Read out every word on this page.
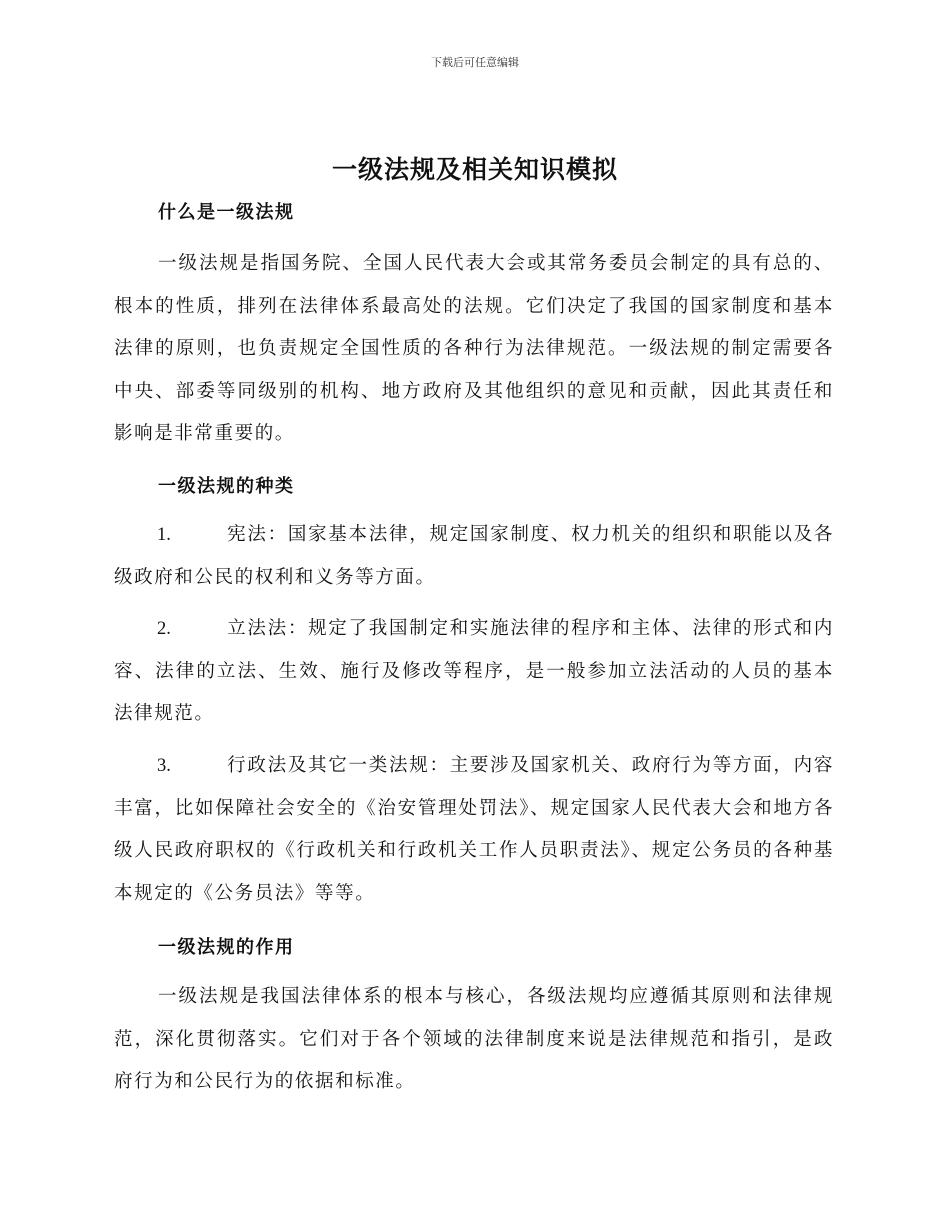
下载后可任意编辑
一级法规及相关知识模拟
什么是一级法规
一级法规是指国务院、全国人民代表大会或其常务委员会制定的具有总的、根本的性质，排列在法律体系最高处的法规。它们决定了我国的国家制度和基本法律的原则，也负责规定全国性质的各种行为法律规范。一级法规的制定需要各中央、部委等同级别的机构、地方政府及其他组织的意见和贡献，因此其责任和影响是非常重要的。
一级法规的种类
1.	宪法：国家基本法律，规定国家制度、权力机关的组织和职能以及各级政府和公民的权利和义务等方面。
2.	立法法：规定了我国制定和实施法律的程序和主体、法律的形式和内容、法律的立法、生效、施行及修改等程序，是一般参加立法活动的人员的基本法律规范。
3.	行政法及其它一类法规：主要涉及国家机关、政府行为等方面，内容丰富，比如保障社会安全的《治安管理处罚法》、规定国家人民代表大会和地方各级人民政府职权的《行政机关和行政机关工作人员职责法》、规定公务员的各种基本规定的《公务员法》等等。
一级法规的作用
一级法规是我国法律体系的根本与核心，各级法规均应遵循其原则和法律规范，深化贯彻落实。它们对于各个领域的法律制度来说是法律规范和指引，是政府行为和公民行为的依据和标准。
